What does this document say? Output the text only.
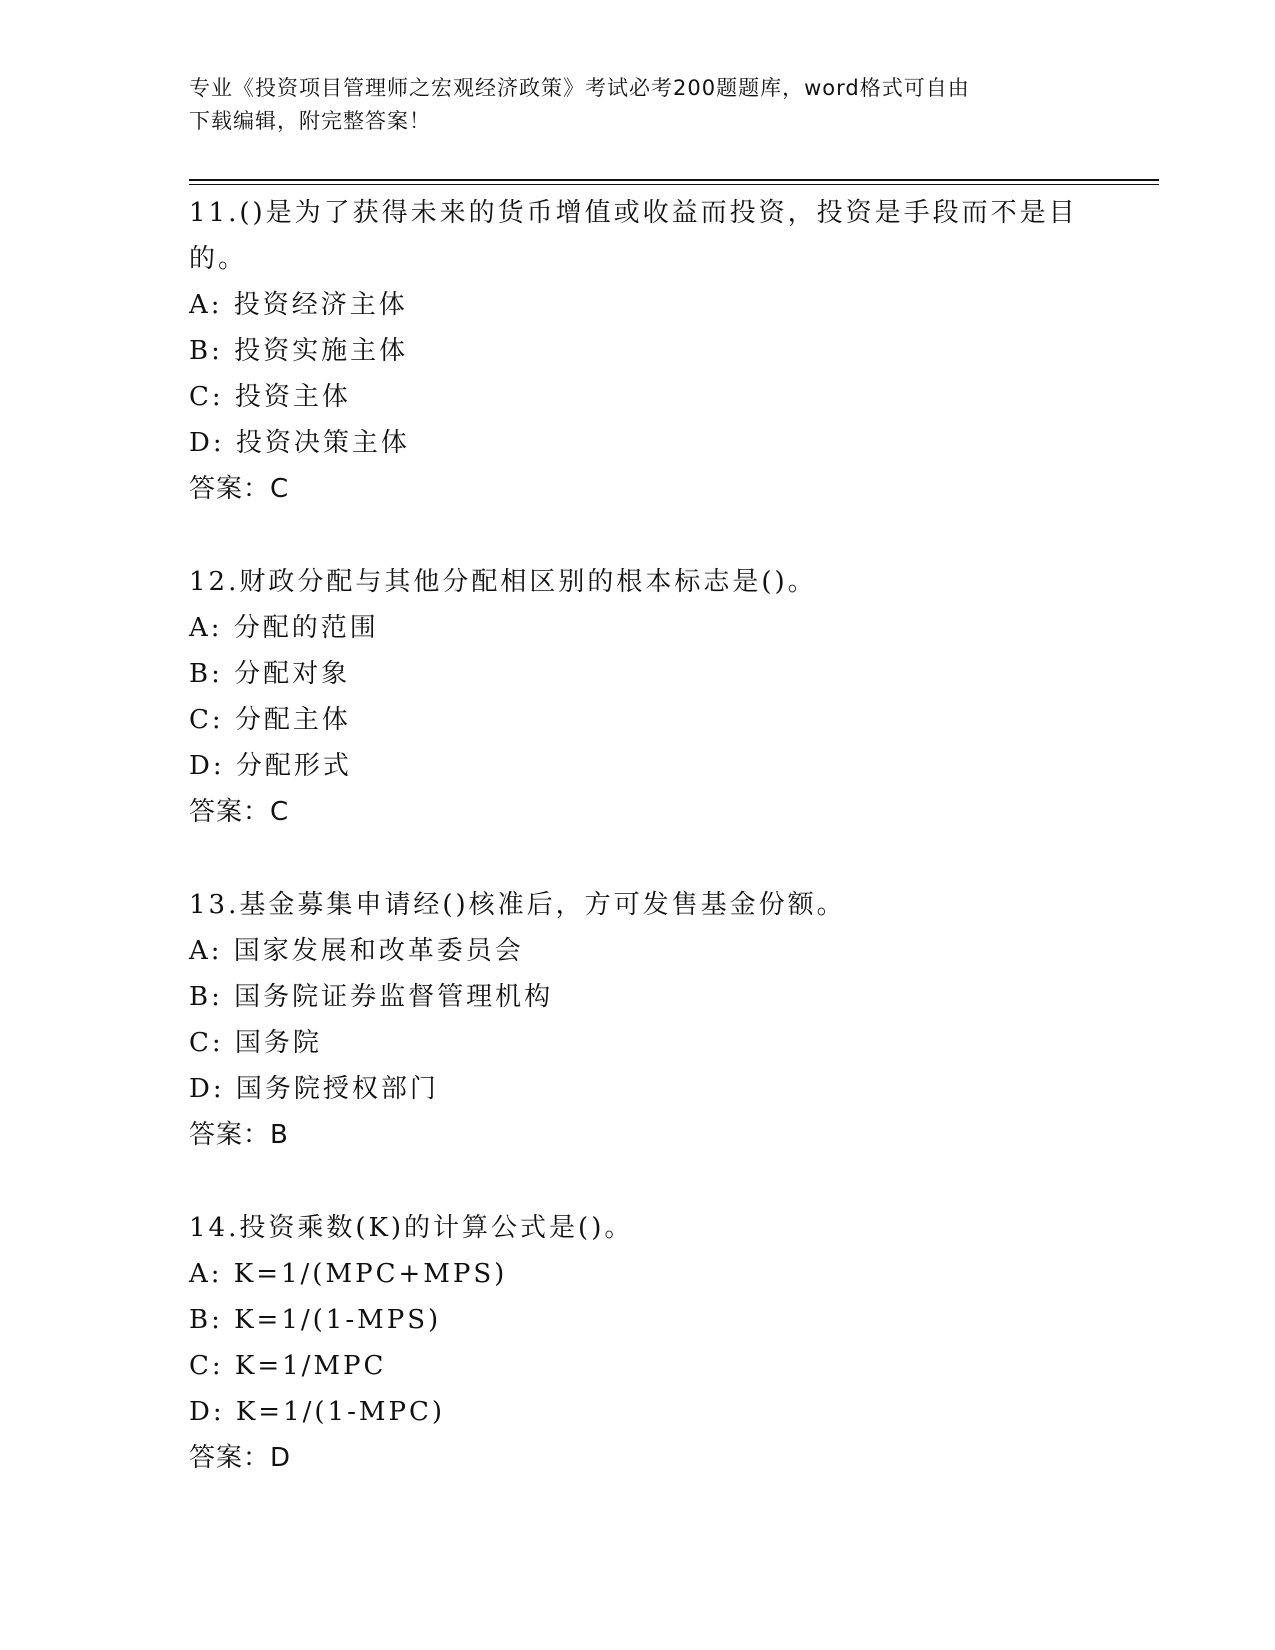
专业《投资项目管理师之宏观经济政策》考试必考200题题库，word格式可自由
下载编辑，附完整答案！
11.()是为了获得未来的货币增值或收益而投资，投资是手段而不是目
的。
A: 投资经济主体
B: 投资实施主体
C: 投资主体
D: 投资决策主体
答案：C
12.财政分配与其他分配相区别的根本标志是()。
A: 分配的范围
B: 分配对象
C: 分配主体
D: 分配形式
答案：C
13.基金募集申请经()核准后，方可发售基金份额。
A: 国家发展和改革委员会
B: 国务院证券监督管理机构
C: 国务院
D: 国务院授权部门
答案：B
14.投资乘数(K)的计算公式是()。
A: K=1/(MPC+MPS)
B: K=1/(1-MPS)
C: K=1/MPC
D: K=1/(1-MPC)
答案：D
